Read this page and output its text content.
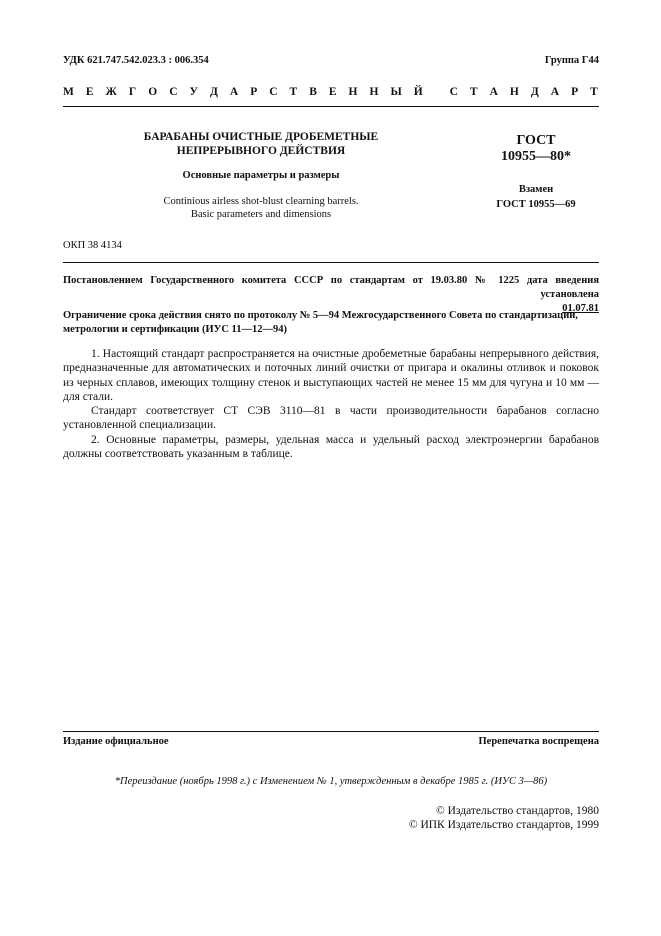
УДК 621.747.542.023.3 : 006.354	Группа Г44
М Е Ж Г О С У Д А Р С Т В Е Н Н Ы Й
С Т А Н Д А Р Т
БАРАБАНЫ ОЧИСТНЫЕ ДРОБЕМЕТНЫЕ
НЕПРЕРЫВНОГО ДЕЙСТВИЯ
Основные параметры и размеры
Continious airless shot-blust clearning barrels.
Basic parameters and dimensions
ГОСТ
10955—80*
Взамен
ГОСТ 10955—69
ОКП 38 4134
Постановлением Государственного комитета СССР по стандартам от 19.03.80 № 1225 дата введения установлена
01.07.81
Ограничение срока действия снято по протоколу № 5—94 Межгосударственного Совета по стандартизации, метрологии и сертификации (ИУС 11—12—94)

1. Настоящий стандарт распространяется на очистные дробеметные барабаны непрерывного действия, предназначенные для автоматических и поточных линий очистки от пригара и окалины отливок и поковок из черных сплавов, имеющих толщину стенок и выступающих частей не менее 15 мм для чугуна и 10 мм — для стали.

Стандарт соответствует СТ СЭВ 3110—81 в части производительности барабанов согласно установленной специализации.

2. Основные параметры, размеры, удельная масса и удельный расход электроэнергии барабанов должны соответствовать указанным в таблице.

Издание официальное	Перепечатка воспрещена
*Переиздание (ноябрь 1998 г.) с Изменением № 1, утвержденным в декабре 1985 г. (ИУС 3—86)
© Издательство стандартов, 1980
© ИПК Издательство стандартов, 1999
